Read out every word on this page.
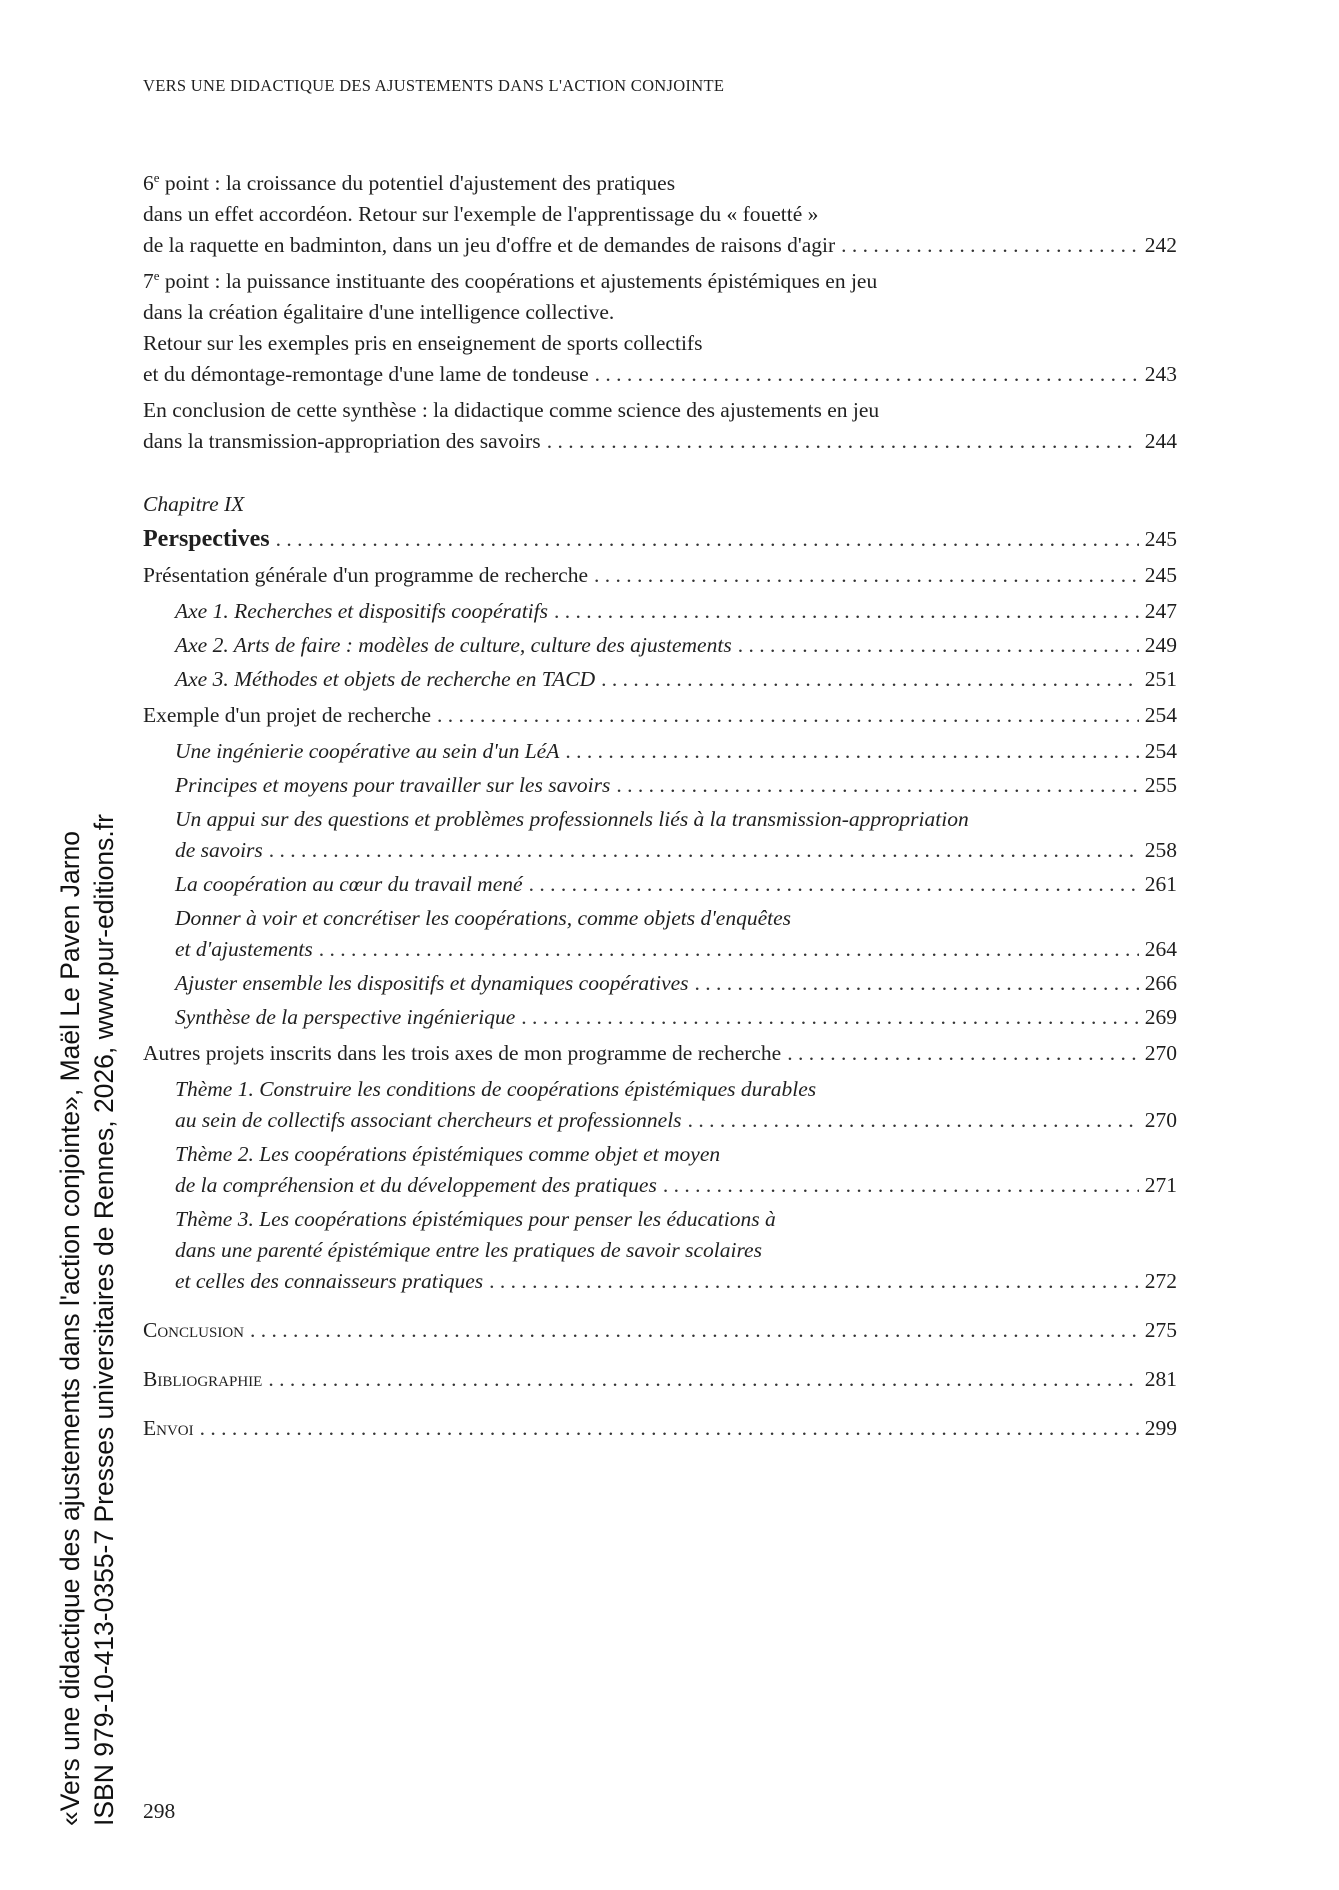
VERS UNE DIDACTIQUE DES AJUSTEMENTS DANS L'ACTION CONJOINTE
6e point : la croissance du potentiel d'ajustement des pratiques
dans un effet accordéon. Retour sur l'exemple de l'apprentissage du « fouetté »
de la raquette en badminton, dans un jeu d'offre et de demandes de raisons d'agir . . .	242
7e point : la puissance instituante des coopérations et ajustements épistémiques en jeu
dans la création égalitaire d'une intelligence collective.
Retour sur les exemples pris en enseignement de sports collectifs
et du démontage-remontage d'une lame de tondeuse . . .	243
En conclusion de cette synthèse : la didactique comme science des ajustements en jeu
dans la transmission-appropriation des savoirs . . .	244
Chapitre IX
Perspectives . . .	245
Présentation générale d'un programme de recherche . . .	245
Axe 1. Recherches et dispositifs coopératifs . . .	247
Axe 2. Arts de faire : modèles de culture, culture des ajustements . . .	249
Axe 3. Méthodes et objets de recherche en TACD . . .	251
Exemple d'un projet de recherche . . .	254
Une ingénierie coopérative au sein d'un LéA . . .	254
Principes et moyens pour travailler sur les savoirs . . .	255
Un appui sur des questions et problèmes professionnels liés à la transmission-appropriation
de savoirs . . .	258
La coopération au cœur du travail mené . . .	261
Donner à voir et concrétiser les coopérations, comme objets d'enquêtes
et d'ajustements . . .	264
Ajuster ensemble les dispositifs et dynamiques coopératives . . .	266
Synthèse de la perspective ingénierique . . .	269
Autres projets inscrits dans les trois axes de mon programme de recherche . . .	270
Thème 1. Construire les conditions de coopérations épistémiques durables
au sein de collectifs associant chercheurs et professionnels . . .	270
Thème 2. Les coopérations épistémiques comme objet et moyen
de la compréhension et du développement des pratiques . . .	271
Thème 3. Les coopérations épistémiques pour penser les éducations à
dans une parenté épistémique entre les pratiques de savoir scolaires
et celles des connaisseurs pratiques . . .	272
Conclusion . . .	275
Bibliographie . . .	281
Envoi . . .	299
298
«Vers une didactique des ajustements dans l'action conjointe», Maël Le Paven Jarno ISBN 979-10-413-0355-7 Presses universitaires de Rennes, 2026, www.pur-editions.fr
